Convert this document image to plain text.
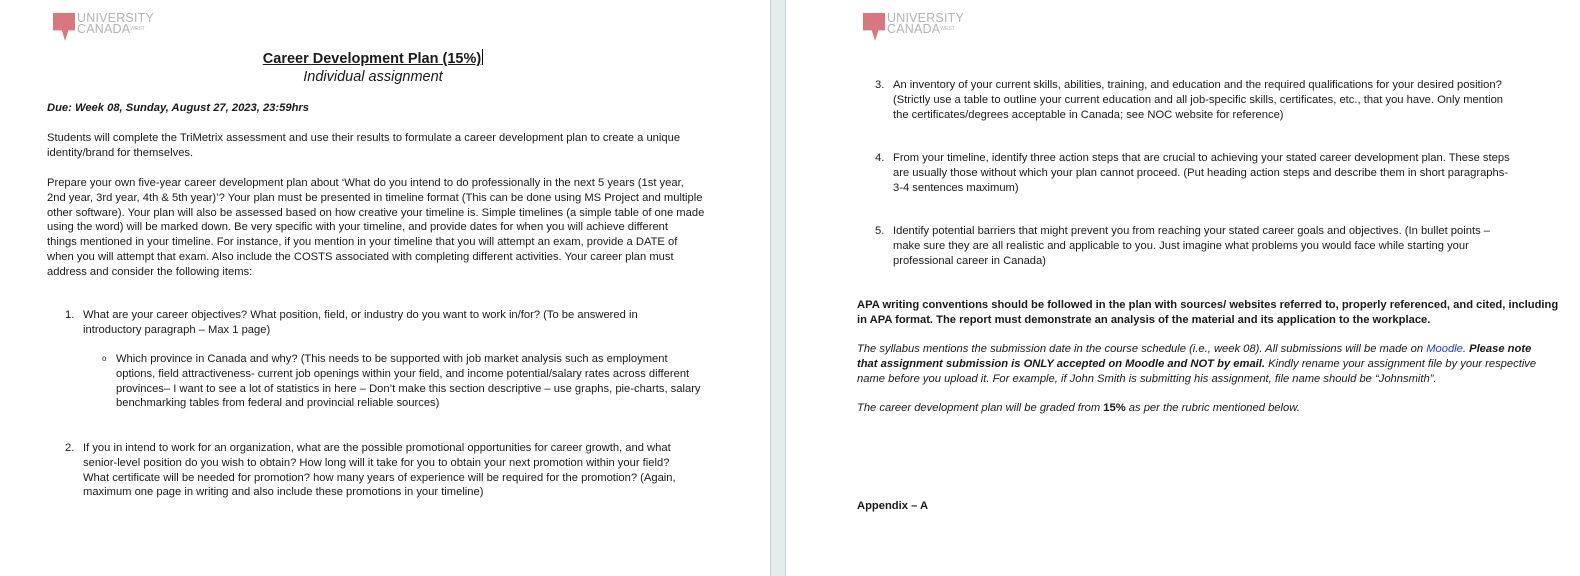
UNIVERSITY
$CANADA^{WEST}$
Career Development Plan (15%)
Individual assignment
Due: Week 08, Sunday, August 27, 2023, 23:59hrs
Students will complete the TriMetrix assessment and use their results to formulate a career development plan to create a unique identity/brand for themselves.
Prepare your own five-year career development plan about ‘What do you intend to do professionally in the next 5 years (1st year,
2nd year, 3rd year, 4th & 5th year)’? Your plan must be presented in timeline format (This can be done using MS Project and multiple
other software). Your plan will also be assessed based on how creative your timeline is. Simple timelines (a simple table of one made
using the word) will be marked down. Be very specific with your timeline, and provide dates for when you will achieve different
things mentioned in your timeline. For instance, if you mention in your timeline that you will attempt an exam, provide a DATE of
when you will attempt that exam. Also include the COSTS associated with completing different activities. Your career plan must
address and consider the following items:
1. What are your career objectives? What position, field, or industry do you want to work in/for? (To be answered in
introductory paragraph – Max 1 page)
o Which province in Canada and why? (This needs to be supported with job market analysis such as employment
options, field attractiveness- current job openings within your field, and income potential/salary rates across different
provinces– I want to see a lot of statistics in here – Don’t make this section descriptive – use graphs, pie-charts, salary
benchmarking tables from federal and provincial reliable sources)
2. If you in intend to work for an organization, what are the possible promotional opportunities for career growth, and what
senior-level position do you wish to obtain? How long will it take for you to obtain your next promotion within your field?
What certificate will be needed for promotion? how many years of experience will be required for the promotion? (Again,
maximum one page in writing and also include these promotions in your timeline)
UNIVERSITY
$CANADA^{WEST}$
3. An inventory of your current skills, abilities, training, and education and the required qualifications for your desired position?
(Strictly use a table to outline your current education and all job-specific skills, certificates, etc., that you have. Only mention
the certificates/degrees acceptable in Canada; see NOC website for reference)
4. From your timeline, identify three action steps that are crucial to achieving your stated career development plan. These steps
are usually those without which your plan cannot proceed. (Put heading action steps and describe them in short paragraphs-
3-4 sentences maximum)
5. Identify potential barriers that might prevent you from reaching your stated career goals and objectives. (In bullet points –
make sure they are all realistic and applicable to you. Just imagine what problems you would face while starting your
professional career in Canada)
APA writing conventions should be followed in the plan with sources/ websites referred to, properly referenced, and cited, including
in APA format. The report must demonstrate an analysis of the material and its application to the workplace.
The syllabus mentions the submission date in the course schedule (i.e., week 08). All submissions will be made on Moodle. Please note
that assignment submission is ONLY accepted on Moodle and NOT by email. Kindly rename your assignment file by your respective
name before you upload it. For example, if John Smith is submitting his assignment, file name should be “Johnsmith”.
The career development plan will be graded from 15% as per the rubric mentioned below.
Appendix – A
